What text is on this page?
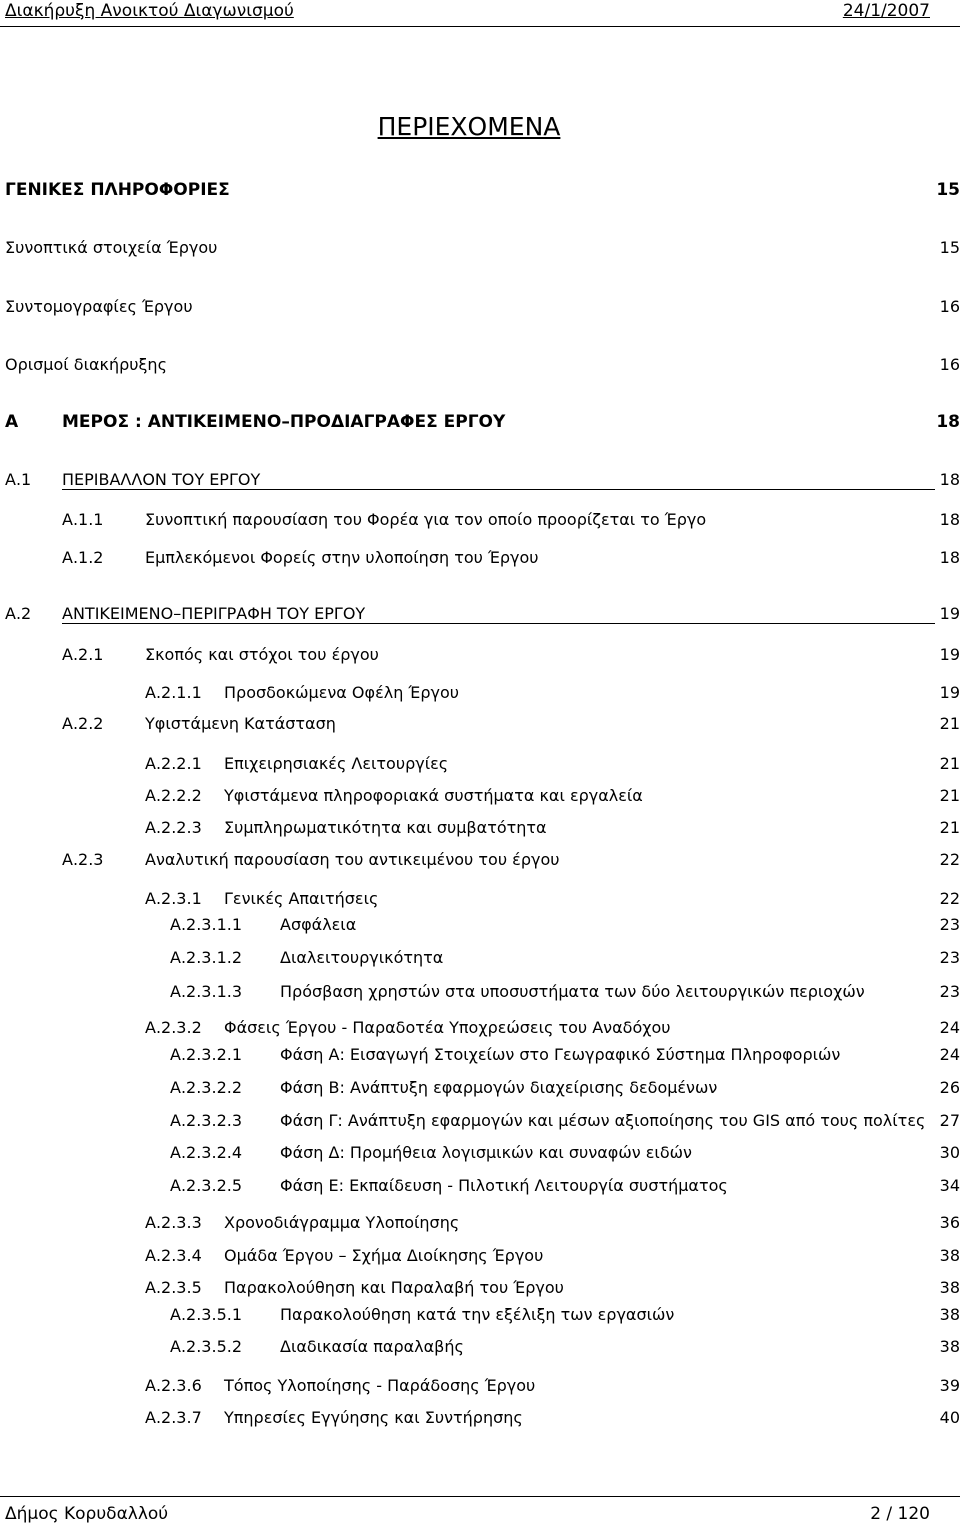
Διακήρυξη Ανοικτού Διαγωνισμού	24/1/2007
ΠΕΡΙΕΧΟΜΕΝΑ
ΓΕΝΙΚΕΣ ΠΛΗΡΟΦΟΡΙΕΣ	15
Συνοπτικά στοιχεία Έργου	15
Συντομογραφίες Έργου	16
Ορισμοί διακήρυξης	16
Α	ΜΕΡΟΣ : ΑΝΤΙΚΕΙΜΕΝΟ–ΠΡΟΔΙΑΓΡΑΦΕΣ ΕΡΓΟΥ	18
Α.1 ΠΕΡΙΒΑΛΛΟΝ ΤΟΥ ΕΡΓΟΥ	18
Α.1.1	Συνοπτική παρουσίαση του Φορέα για τον οποίο προορίζεται το Έργο	18
Α.1.2	Εμπλεκόμενοι Φορείς στην υλοποίηση του Έργου	18
Α.2 ΑΝΤΙΚΕΙΜΕΝΟ–ΠΕΡΙΓΡΑΦΗ ΤΟΥ ΕΡΓΟΥ	19
Α.2.1	Σκοπός και στόχοι του έργου	19
Α.2.1.1 Προσδοκώμενα Οφέλη Έργου	19
Α.2.2	Υφιστάμενη Κατάσταση	21
Α.2.2.1 Επιχειρησιακές Λειτουργίες	21
Α.2.2.2 Υφιστάμενα πληροφοριακά συστήματα και εργαλεία	21
Α.2.2.3 Συμπληρωματικότητα και συμβατότητα	21
Α.2.3	Αναλυτική παρουσίαση του αντικειμένου του έργου	22
Α.2.3.1 Γενικές Απαιτήσεις	22
Α.2.3.1.1 Ασφάλεια	23
Α.2.3.1.2 Διαλειτουργικότητα	23
Α.2.3.1.3 Πρόσβαση χρηστών στα υποσυστήματα των δύο λειτουργικών περιοχών	23
Α.2.3.2 Φάσεις Έργου - Παραδοτέα Υποχρεώσεις του Αναδόχου	24
Α.2.3.2.1 Φάση Α: Εισαγωγή Στοιχείων στο Γεωγραφικό Σύστημα Πληροφοριών	24
Α.2.3.2.2 Φάση Β: Ανάπτυξη εφαρμογών διαχείρισης δεδομένων	26
Α.2.3.2.3 Φάση Γ: Ανάπτυξη εφαρμογών και μέσων αξιοποίησης του GIS από τους πολίτες 27
Α.2.3.2.4 Φάση Δ: Προμήθεια λογισμικών και συναφών ειδών	30
Α.2.3.2.5 Φάση Ε: Εκπαίδευση - Πιλοτική Λειτουργία συστήματος	34
Α.2.3.3 Χρονοδιάγραμμα Υλοποίησης	36
Α.2.3.4 Ομάδα Έργου – Σχήμα Διοίκησης Έργου	38
Α.2.3.5 Παρακολούθηση και Παραλαβή του Έργου	38
Α.2.3.5.1 Παρακολούθηση κατά την εξέλιξη των εργασιών	38
Α.2.3.5.2 Διαδικασία παραλαβής	38
Α.2.3.6 Τόπος Υλοποίησης - Παράδοσης Έργου	39
Α.2.3.7 Υπηρεσίες Εγγύησης και Συντήρησης	40
Δήμος Κορυδαλλού	2 / 120
